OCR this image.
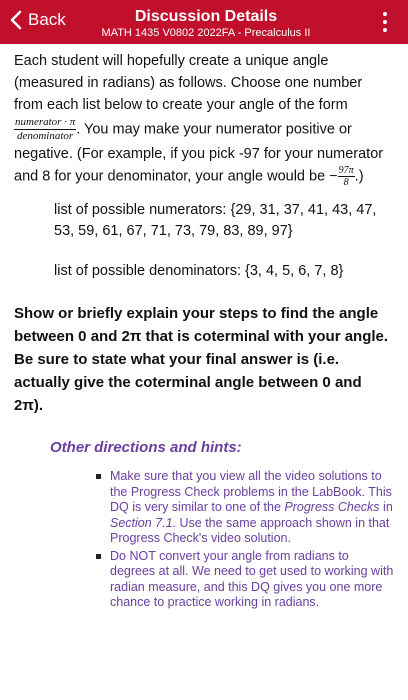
Back	Discussion Details
MATH 1435 V0802 2022FA - Precalculus II

Each student will hopefully create a unique angle (measured in radians) as follows. Choose one number from each list below to create your angle of the form
$\frac{\text{numerator · π}}{\text{denominator}}$ . You may make your numerator positive or negative. (For example, if you pick -97 for your numerator and 8 for your denominator, your angle would be − $\frac{97\pi}{8}$ .)

list of possible numerators: {29, 31, 37, 41, 43, 47, 53, 59, 61, 67, 71, 73, 79, 83, 89, 97}
list of possible denominators: {3, 4, 5, 6, 7, 8}
Show or briefly explain your steps to find the angle between 0 and 2π that is coterminal with your angle. Be sure to state what your final answer is (i.e. actually give the coterminal angle between 0 and 2π).
Other directions and hints:
Make sure that you view all the video solutions to the Progress Check problems in the LabBook. This DQ is very similar to one of the Progress Checks in Section 7.1. Use the same approach shown in that Progress Check's video solution.
Do NOT convert your angle from radians to degrees at all. We need to get used to working with radian measure, and this DQ gives you one more chance to practice working in radians.
